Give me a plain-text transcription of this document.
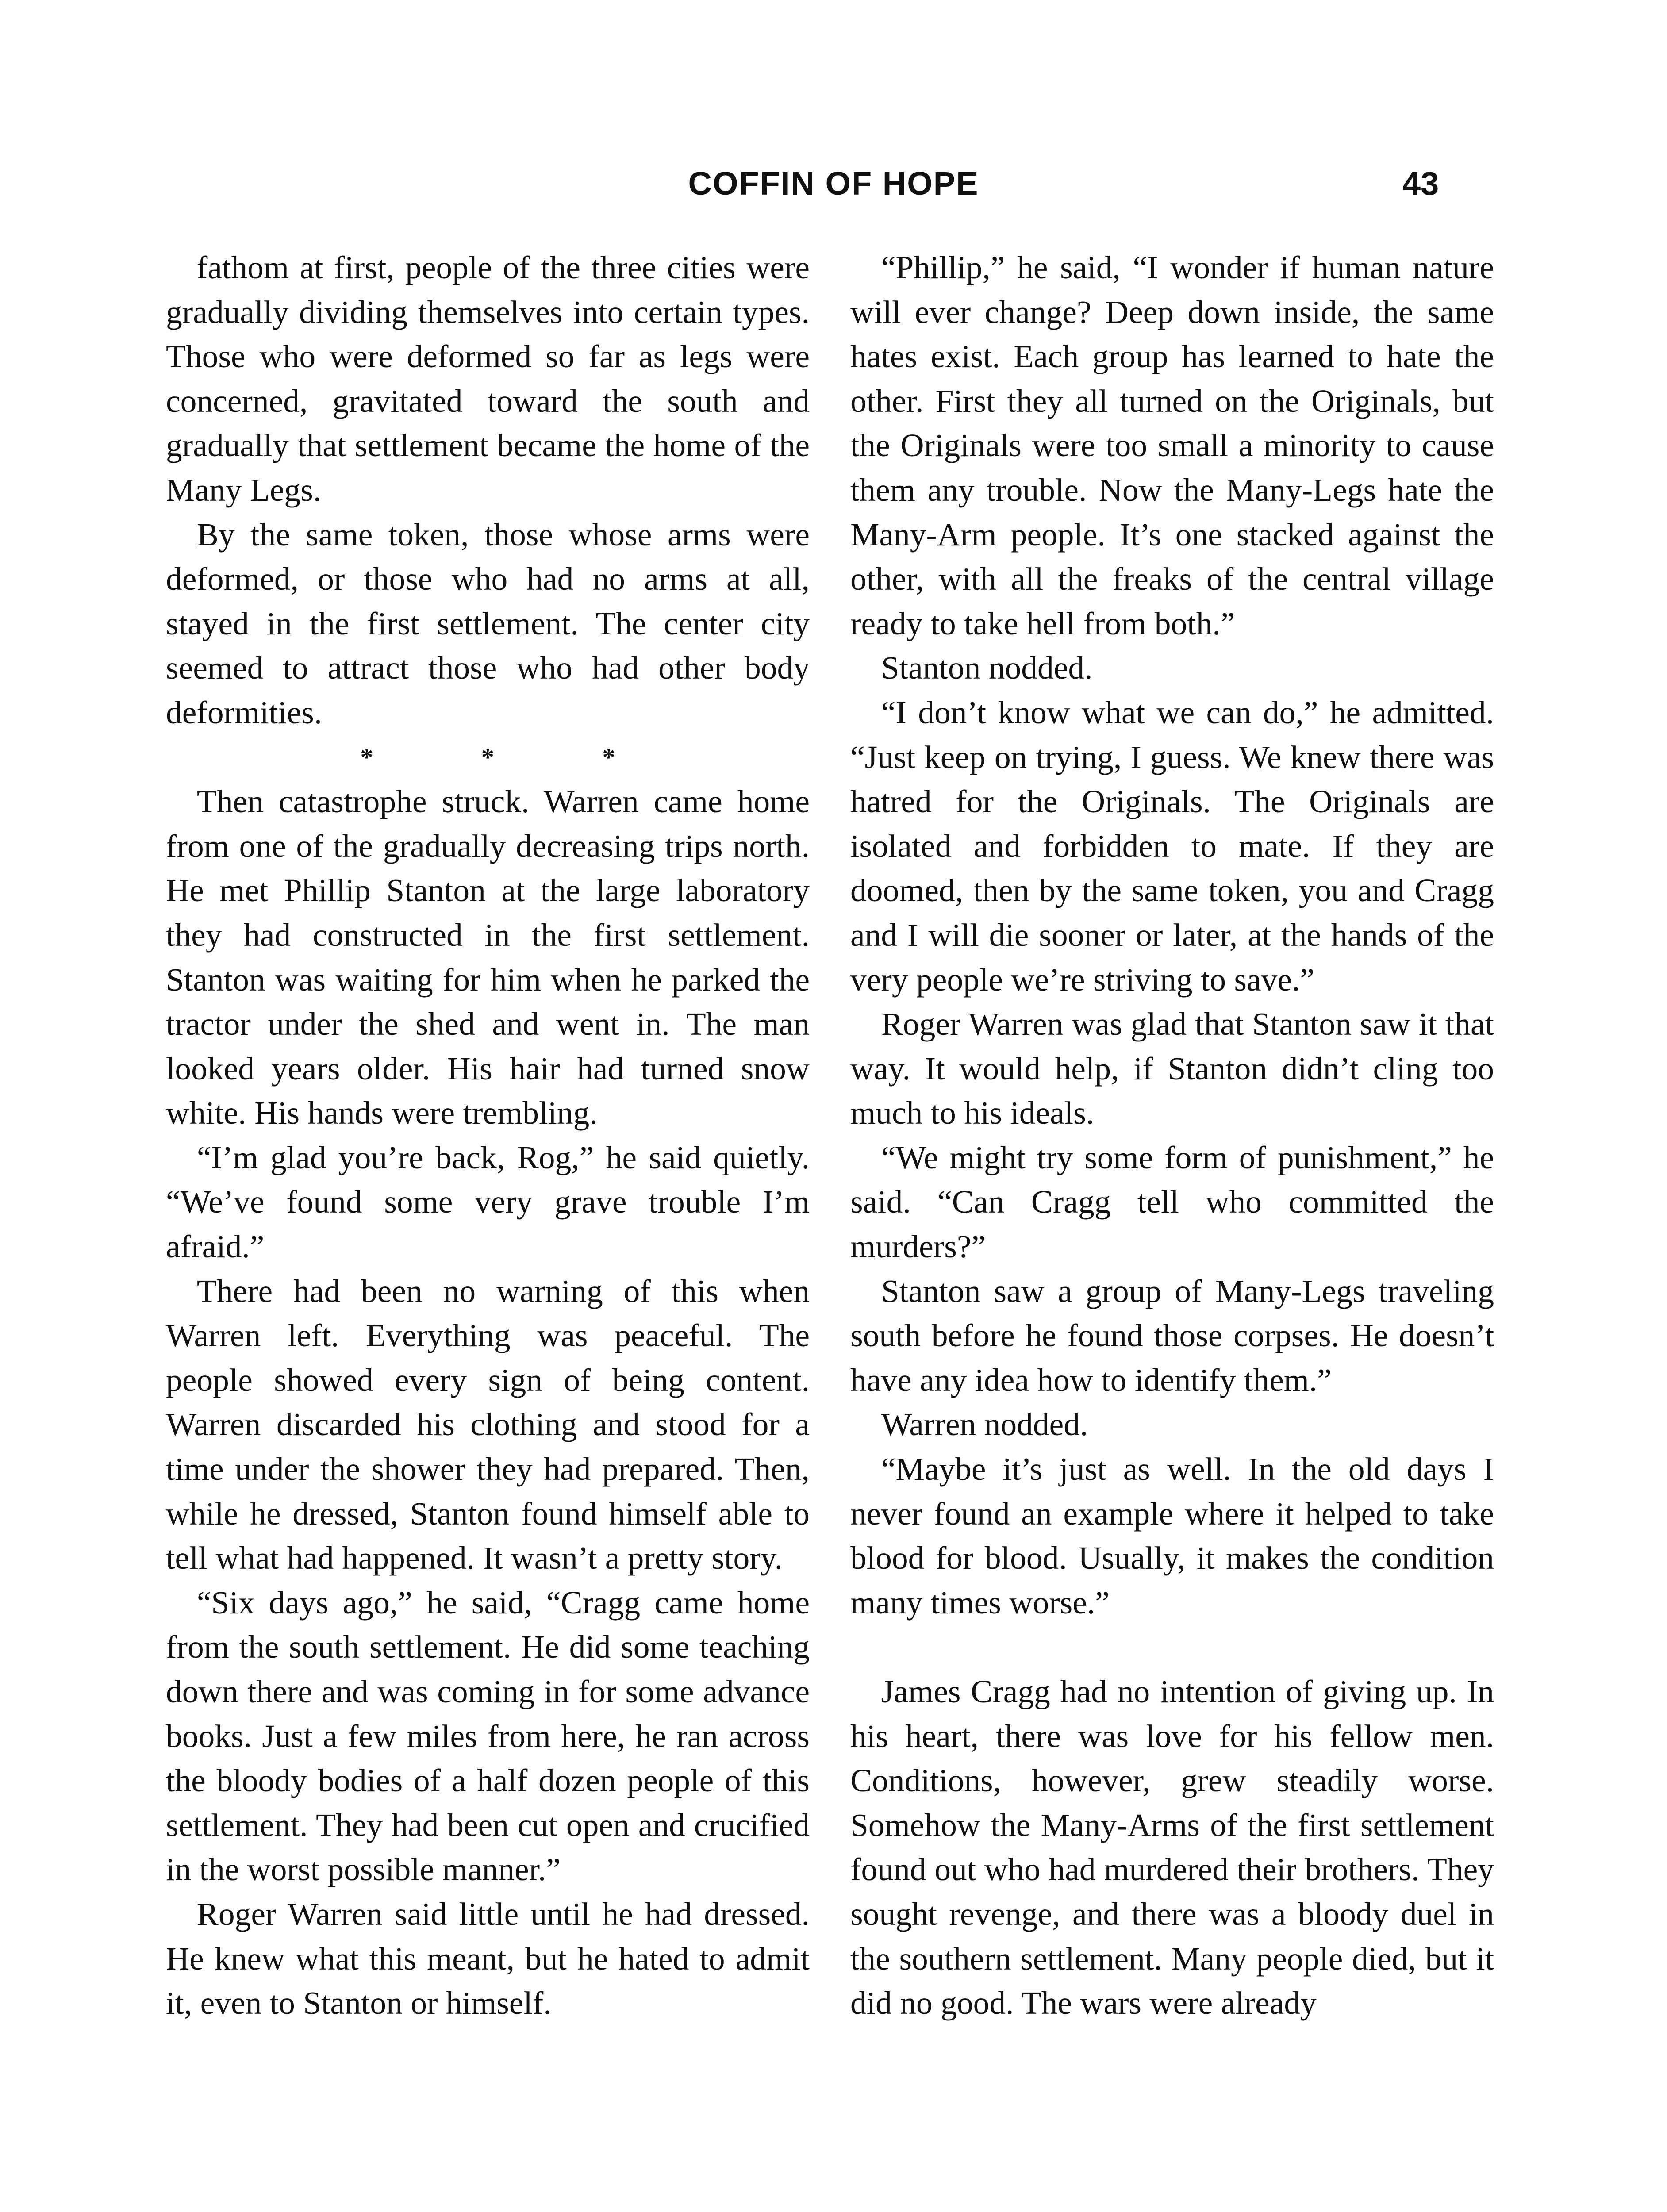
COFFIN OF HOPE	43

fathom at first, people of the three cities were gradually dividing themselves into certain types. Those who were deformed so far as legs were concerned, gravitated toward the south and gradually that settlement became the home of the Many Legs.

By the same token, those whose arms were deformed, or those who had no arms at all, stayed in the first settlement. The center city seemed to attract those who had other body deformities.

* * *

Then catastrophe struck. Warren came home from one of the gradually decreasing trips north. He met Phillip Stanton at the large laboratory they had constructed in the first settlement. Stanton was waiting for him when he parked the tractor under the shed and went in. The man looked years older. His hair had turned snow white. His hands were trembling.

“I’m glad you’re back, Rog,” he said quietly. “We’ve found some very grave trouble I’m afraid.”

There had been no warning of this when Warren left. Everything was peaceful. The people showed every sign of being content. Warren discarded his clothing and stood for a time under the shower they had prepared. Then, while he dressed, Stanton found himself able to tell what had happened. It wasn’t a pretty story.

“Six days ago,” he said, “Cragg came home from the south settlement. He did some teaching down there and was coming in for some advance books. Just a few miles from here, he ran across the bloody bodies of a half dozen people of this settlement. They had been cut open and crucified in the worst possible manner.”

Roger Warren said little until he had dressed. He knew what this meant, but he hated to admit it, even to Stanton or himself.

“Phillip,” he said, “I wonder if human nature will ever change? Deep down inside, the same hates exist. Each group has learned to hate the other. First they all turned on the Originals, but the Originals were too small a minority to cause them any trouble. Now the Many-Legs hate the Many-Arm people. It’s one stacked against the other, with all the freaks of the central village ready to take hell from both.”

Stanton nodded.

“I don’t know what we can do,” he admitted. “Just keep on trying, I guess. We knew there was hatred for the Originals. The Originals are isolated and forbidden to mate. If they are doomed, then by the same token, you and Cragg and I will die sooner or later, at the hands of the very people we’re striving to save.”

Roger Warren was glad that Stanton saw it that way. It would help, if Stanton didn’t cling too much to his ideals.

“We might try some form of punishment,” he said. “Can Cragg tell who committed the murders?”

Stanton saw a group of Many-Legs traveling south before he found those corpses. He doesn’t have any idea how to identify them.”

Warren nodded.

“Maybe it’s just as well. In the old days I never found an example where it helped to take blood for blood. Usually, it makes the condition many times worse.”

James Cragg had no intention of giving up. In his heart, there was love for his fellow men. Conditions, however, grew steadily worse. Somehow the Many-Arms of the first settlement found out who had murdered their brothers. They sought revenge, and there was a bloody duel in the southern settlement. Many people died, but it did no good. The wars were already
